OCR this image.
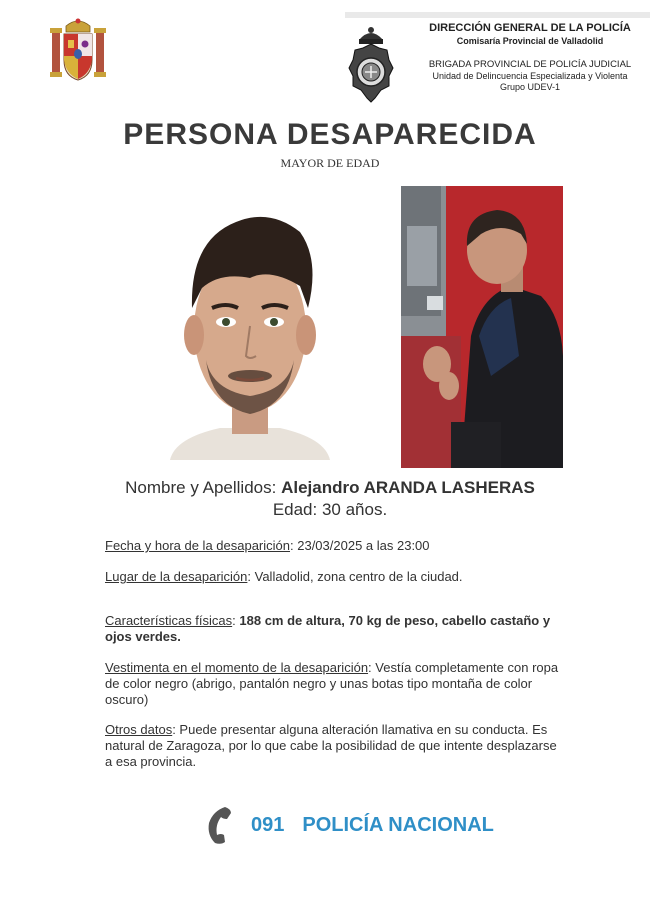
DIRECCIÓN GENERAL DE LA POLICÍA
Comisaría Provincial de Valladolid
BRIGADA PROVINCIAL DE POLICÍA JUDICIAL
Unidad de Delincuencia Especializada y Violenta
Grupo UDEV-1
PERSONA DESAPARECIDA
MAYOR DE EDAD
Nombre y Apellidos: Alejandro ARANDA LASHERAS
Edad: 30 años.
Fecha y hora de la desaparición: 23/03/2025 a las 23:00
Lugar de la desaparición: Valladolid, zona centro de la ciudad.
Características físicas: 188 cm de altura, 70 kg de peso, cabello castaño y ojos verdes.
Vestimenta en el momento de la desaparición: Vestía completamente con ropa de color negro (abrigo, pantalón negro y unas botas tipo montaña de color oscuro)
Otros datos: Puede presentar alguna alteración llamativa en su conducta. Es natural de Zaragoza, por lo que cabe la posibilidad de que intente desplazarse a esa provincia.
091 POLICÍA NACIONAL
